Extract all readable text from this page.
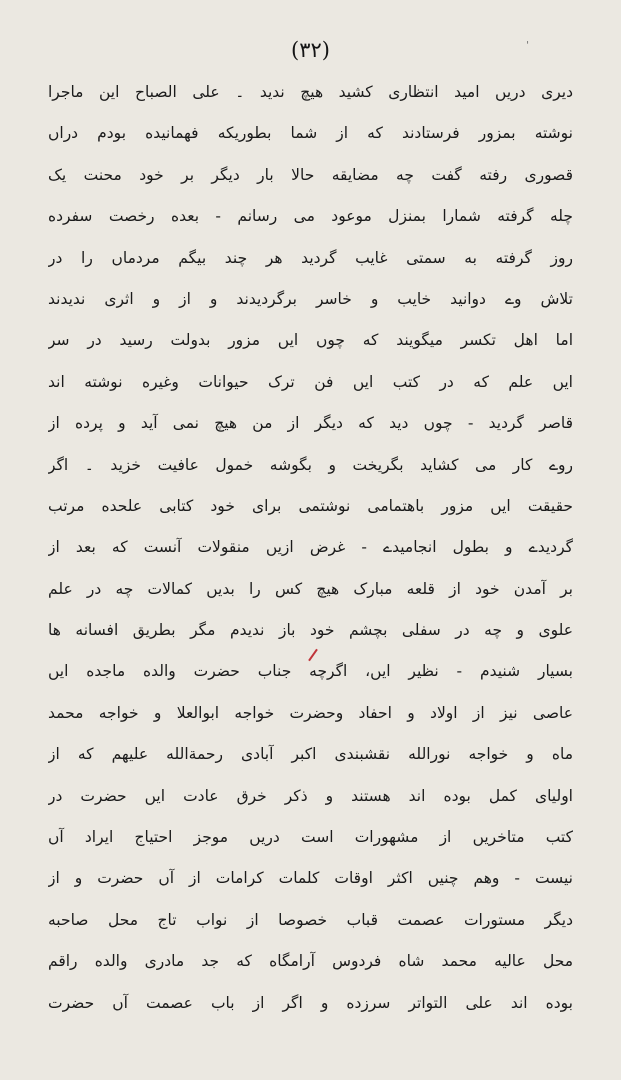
(۳۲)	'
دیری دریں امید انتظاری کشید هیچ ندید ۔ علی الصباح این ماجرا
نوشته بمزور فرستادند که از شما بطوریکه فهمانیده بودم دراں
قصوری رفته گفت چه مضایقه حالا بار دیگر بر خود محنت یک
چله گرفته شمارا بمنزل موعود می رسانم - بعده رخصت سفرده
روز گرفته به سمتی غایب گردید هر چند بیگم مردماں را در
تلاش وے دوانید خایب و خاسر برگردیدند و از و اثری ندیدند
اما اهل تکسر میگویند که چوں ایں مزور بدولت رسید در سر
ایں علم که در کتب ایں فن ترک حیوانات وغیره نوشته اند
قاصر گردید - چوں دید که دیگر از من هیچ نمی آید و پرده از
روے کار می کشاید بگریخت و بگوشه خمول عافیت خزید ۔ اگر
حقیقت ایں مزور باهتمامی نوشتمی برای خود کتابی علحده مرتب
گردیدے و بطول انجامیدے - غرض ازیں منقولات آنست که بعد از
بر آمدن خود از قلعه مبارک هیچ کس را بدیں کمالات چه در علم
علوی و چه در سفلی بچشم خود باز ندیدم مگر بطریق افسانه ها
بسیار شنیدم - نظیر ایں، اگرچه جناب حضرت والده ماجده ایں
عاصی نیز از اولاد و احفاد وحضرت خواجه ابوالعلا و خواجه محمد
ماه و خواجه نورالله نقشبندی اکبر آبادی رحمةالله علیهم که از
اولیای کمل بوده اند هستند و ذکر خرق عادت ایں حضرت در
کتب متاخریں از مشهورات است دریں موجز احتیاج ایراد آں
نیست - وهم چنیں اکثر اوقات کلمات کرامات از آں حضرت و از
دیگر مستورات عصمت قباب خصوصا از نواب تاج محل صاحبه
محل عالیه محمد شاه فردوس آرامگاه که جد مادری والده راقم
بوده اند علی التواتر سرزده و اگر از باب عصمت آں حضرت
